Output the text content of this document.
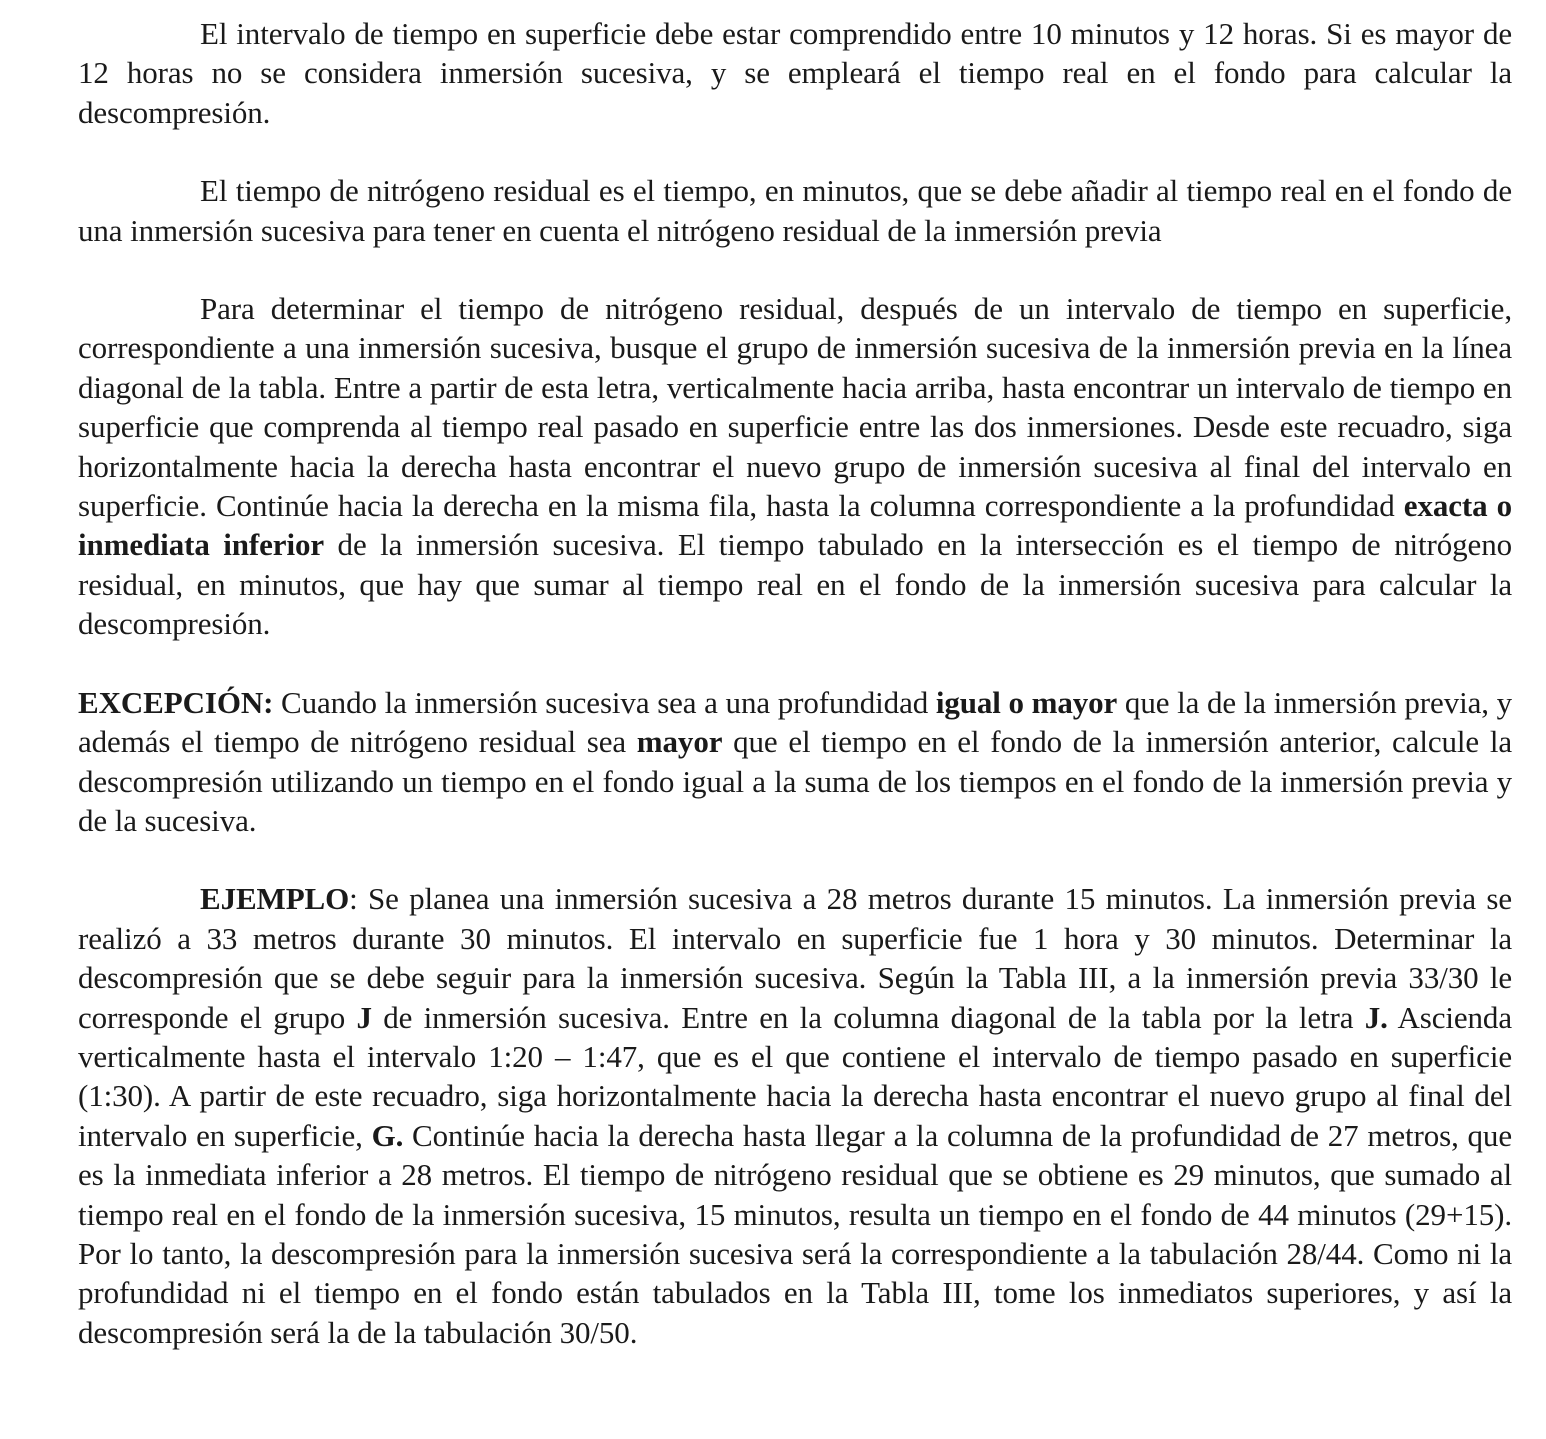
El intervalo de tiempo en superficie debe estar comprendido entre 10 minutos y 12 horas. Si es mayor de 12 horas no se considera inmersión sucesiva, y se empleará el tiempo real en el fondo para calcular la descompresión.

El tiempo de nitrógeno residual es el tiempo, en minutos, que se debe añadir al tiempo real en el fondo de una inmersión sucesiva para tener en cuenta el nitrógeno residual de la inmersión previa

Para determinar el tiempo de nitrógeno residual, después de un intervalo de tiempo en superficie, correspondiente a una inmersión sucesiva, busque el grupo de inmersión sucesiva de la inmersión previa en la línea diagonal de la tabla. Entre a partir de esta letra, verticalmente hacia arriba, hasta encontrar un intervalo de tiempo en superficie que comprenda al tiempo real pasado en superficie entre las dos inmersiones. Desde este recuadro, siga horizontalmente hacia la derecha hasta encontrar el nuevo grupo de inmersión sucesiva al final del intervalo en superficie. Continúe hacia la derecha en la misma fila, hasta la columna correspondiente a la profundidad exacta o inmediata inferior de la inmersión sucesiva. El tiempo tabulado en la intersección es el tiempo de nitrógeno residual, en minutos, que hay que sumar al tiempo real en el fondo de la inmersión sucesiva para calcular la descompresión.

EXCEPCIÓN: Cuando la inmersión sucesiva sea a una profundidad igual o mayor que la de la inmersión previa, y además el tiempo de nitrógeno residual sea mayor que el tiempo en el fondo de la inmersión anterior, calcule la descompresión utilizando un tiempo en el fondo igual a la suma de los tiempos en el fondo de la inmersión previa y de la sucesiva.

EJEMPLO: Se planea una inmersión sucesiva a 28 metros durante 15 minutos. La inmersión previa se realizó a 33 metros durante 30 minutos. El intervalo en superficie fue 1 hora y 30 minutos. Determinar la descompresión que se debe seguir para la inmersión sucesiva. Según la Tabla III, a la inmersión previa 33/30 le corresponde el grupo J de inmersión sucesiva. Entre en la columna diagonal de la tabla por la letra J. Ascienda verticalmente hasta el intervalo 1:20 – 1:47, que es el que contiene el intervalo de tiempo pasado en superficie (1:30). A partir de este recuadro, siga horizontalmente hacia la derecha hasta encontrar el nuevo grupo al final del intervalo en superficie, G. Continúe hacia la derecha hasta llegar a la columna de la profundidad de 27 metros, que es la inmediata inferior a 28 metros. El tiempo de nitrógeno residual que se obtiene es 29 minutos, que sumado al tiempo real en el fondo de la inmersión sucesiva, 15 minutos, resulta un tiempo en el fondo de 44 minutos (29+15). Por lo tanto, la descompresión para la inmersión sucesiva será la correspondiente a la tabulación 28/44. Como ni la profundidad ni el tiempo en el fondo están tabulados en la Tabla III, tome los inmediatos superiores, y así la descompresión será la de la tabulación 30/50.
